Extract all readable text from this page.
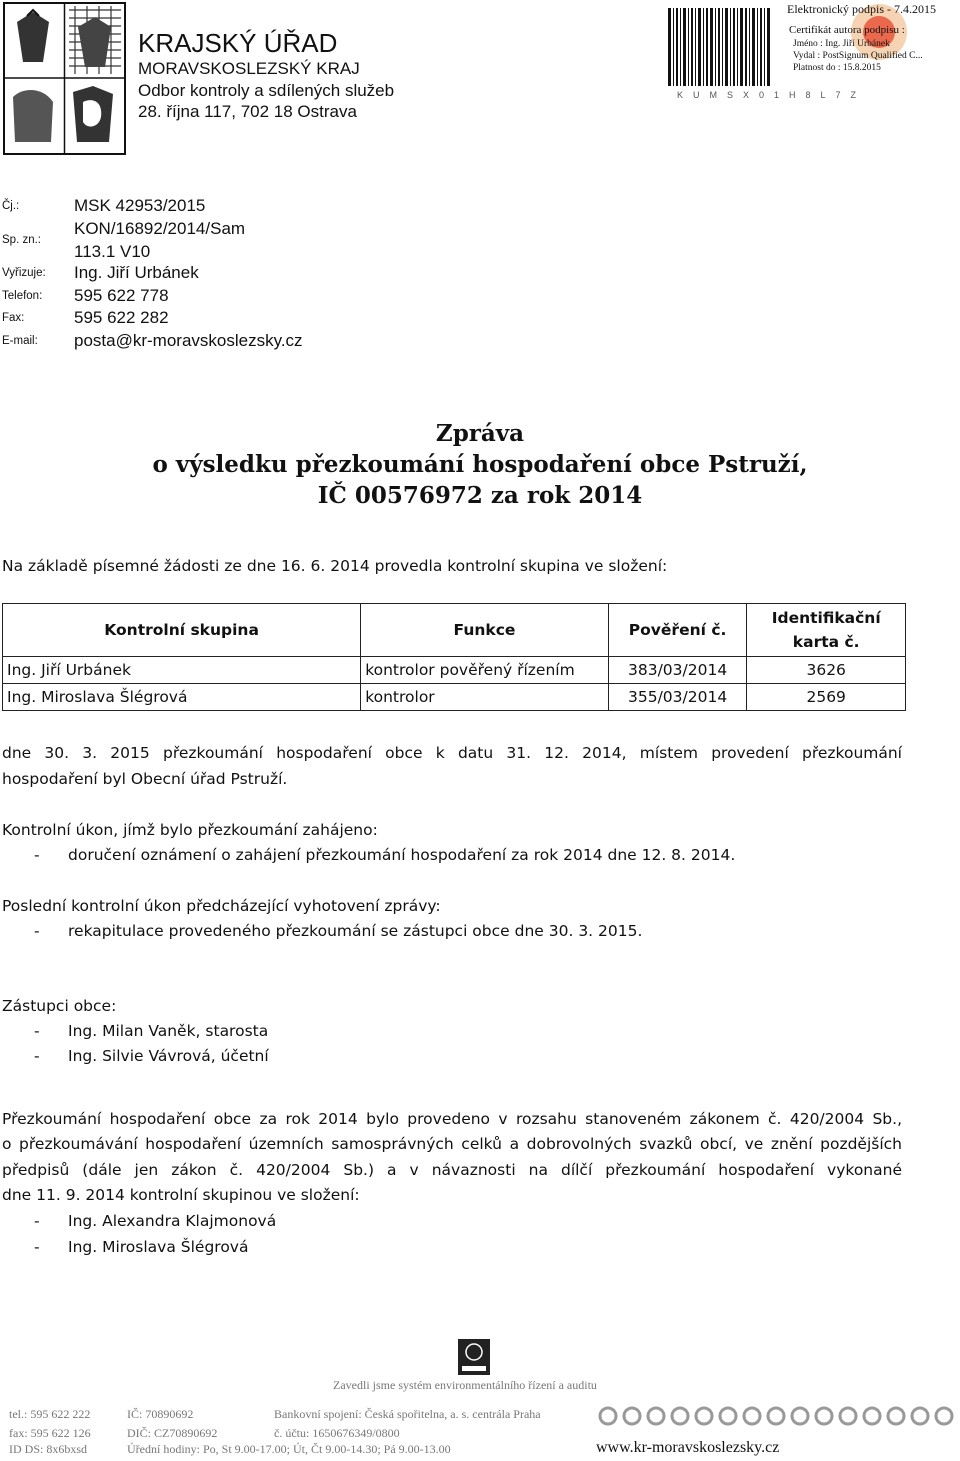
KRAJSKÝ ÚŘAD
MORAVSKOSLEZSKÝ KRAJ
Odbor kontroly a sdílených služeb
28. října 117, 702 18 Ostrava
KUMSX01H8L7Z
Elektronický podpis - 7.4.2015
Certifikát autora podpisu :
Jméno : Ing. Jiří Urbánek
Vydal : PostSignum Qualified C...
Platnost do : 15.8.2015
Čj.:	MSK 42953/2015
Sp. zn.:
KON/16892/2014/Sam
113.1 V10
Vyřizuje: Ing. Jiří Urbánek
Telefon: 595 622 778
Fax:	595 622 282
E-mail: posta@kr-moravskoslezsky.cz
Zpráva
o výsledku přezkoumání hospodaření obce Pstruží,
IČ 00576972 za rok 2014
Na základě písemné žádosti ze dne 16. 6. 2014 provedla kontrolní skupina ve složení:
Kontrolní skupina	Funkce	Pověření č.	Identifikační karta č.

Ing. Jiří Urbánek	kontrolor pověřený řízením	383/03/2014	3626
Ing. Miroslava Šlégrová	kontrolor	355/03/2014	2569
dne 30. 3. 2015 přezkoumání hospodaření obce k datu 31. 12. 2014, místem provedení přezkoumání
hospodaření byl Obecní úřad Pstruží.
Kontrolní úkon, jímž bylo přezkoumání zahájeno:
- doručení oznámení o zahájení přezkoumání hospodaření za rok 2014 dne 12. 8. 2014.
Poslední kontrolní úkon předcházející vyhotovení zprávy:
- rekapitulace provedeného přezkoumání se zástupci obce dne 30. 3. 2015.
Zástupci obce:
- Ing. Milan Vaněk, starosta
- Ing. Silvie Vávrová, účetní
Přezkoumání hospodaření obce za rok 2014 bylo provedeno v rozsahu stanoveném zákonem č. 420/2004 Sb.,
o přezkoumávání hospodaření územních samosprávných celků a dobrovolných svazků obcí, ve znění pozdějších
předpisů (dále jen zákon č. 420/2004 Sb.) a v návaznosti na dílčí přezkoumání hospodaření vykonané
dne 11. 9. 2014 kontrolní skupinou ve složení:
- Ing. Alexandra Klajmonová
- Ing. Miroslava Šlégrová
Zavedli jsme systém environmentálního řízení a auditu
tel.: 595 622 222	IČ: 70890692	Bankovní spojení: Česká spořitelna, a. s. centrála Praha
fax: 595 622 126	DIČ: CZ70890692	č. účtu: 1650676349/0800
ID DS: 8x6bxsd	Úřední hodiny: Po, St 9.00-17.00; Út, Čt 9.00-14.30; Pá 9.00-13.00	www.kr-moravskoslezsky.cz
